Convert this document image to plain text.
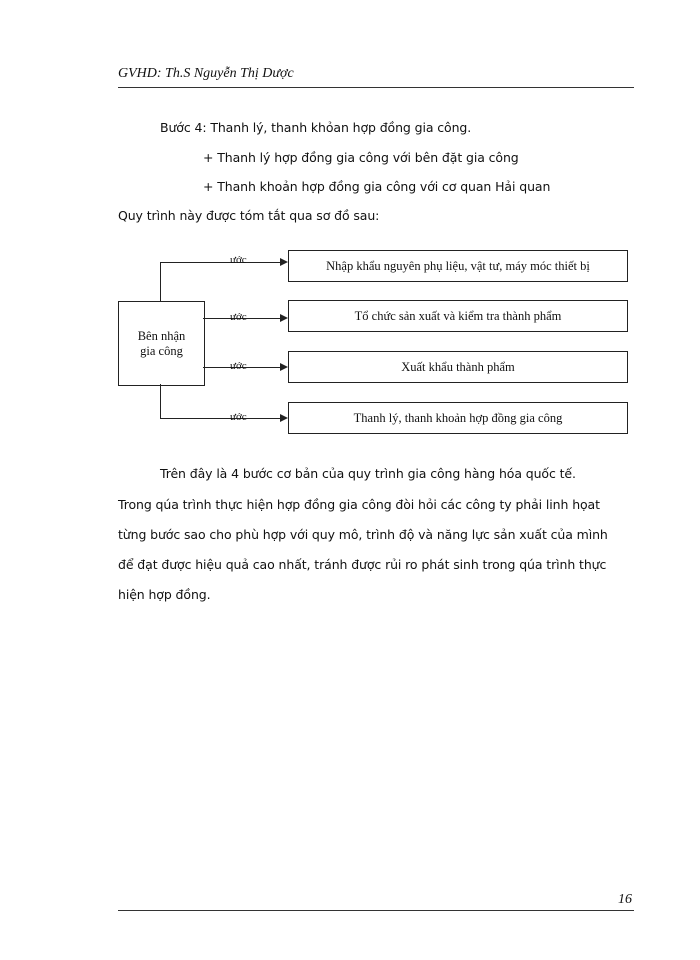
GVHD: Th.S Nguyễn Thị Dược
Bước 4: Thanh lý, thanh khỏan hợp đồng gia công.
+ Thanh lý hợp đồng gia công với bên đặt gia công
+ Thanh khoản hợp đồng gia công với cơ quan Hải quan
Quy trình này được tóm tắt qua sơ đồ sau:
Bên nhận
gia công
ước	Nhập khẩu nguyên phụ liệu, vật tư, máy móc thiết bị
ước	Tổ chức sản xuất và kiểm tra thành phẩm
ước	Xuất khẩu thành phẩm
ước	Thanh lý, thanh khoản hợp đồng gia công
Trên đây là 4 bước cơ bản của quy trình gia công hàng hóa quốc tế.
Trong qúa trình thực hiện hợp đồng gia công đòi hỏi các công ty phải linh họat
từng bước sao cho phù hợp với quy mô, trình độ và năng lực sản xuất của mình
để đạt được hiệu quả cao nhất, tránh được rủi ro phát sinh trong qúa trình thực
hiện hợp đồng.
16
